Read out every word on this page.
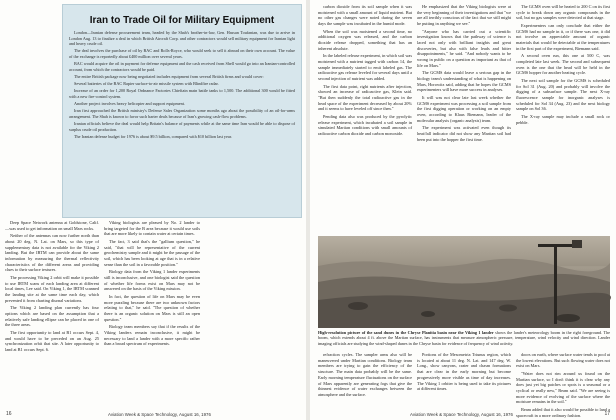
Iran to Trade Oil for Military Equipment

London—Iranian defense procurement team, headed by the Shah's brother-in-law, Gen. Hassan Toufanian, was due to arrive in London Aug. 13 to finalize a deal in which British Aircraft Corp. and other contractors would sell military equipment for Iranian light and heavy crude oil.

The deal involves the purchase of oil by BAC and Rolls-Royce, who would seek to sell it abroad on their own account. The value of the exchange is reportedly about £400 million over several years.

BAC would acquire the oil in payment for defense equipment and the cash received from Shell would go into an Iranian-controlled account, from which the contractors would be paid.

The entire British package now being negotiated includes equipment from several British firms and would cover:

Several batteries of the BAC Rapier surface-to-air missile system with Blindfire radar.

Increase of an order for 1,200 Royal Ordnance Factories Chieftain main battle tanks to 1,500. The additional 300 would be fitted with a new fire-control system.

Another project involves heavy helicopter and support equipment.

Iran first approached the British ministry's Defense Sales Organization some months ago about the possibility of an oil-for-arms arrangement. The Shah is known to favor such barter deals because of Iran's growing cash-flow problems.

Iranian officials believe the deal would help Britain's balance of payments while at the same time Iran would be able to dispose of surplus crude oil production.

The Iranian defense budget for 1976 is about $9.5 billion, compared with $10 billion last year.

Deep Space Network antenna at Goldstone, Calif.—was used to get information on small Mars rocks.

Neither of the antennas can now further north than about 20 deg. N. Lat. on Mars, so this type of supplementary data is not available for the Viking 2 landing. But the IRTM can provide about the same information by measuring the thermal reflectivity characteristics of the different areas and providing clues to their surface textures.

The processing Viking 2 orbit will make it possible to use IRTM scans of each landing area at different local times, Lee said. On Viking 1, the IRTM scanned the landing site at the same time each day, which prevented it from charting diurnal variations.

The Viking 2 landing plan currently has four options which are based on the assumption that a relatively safe landing ellipse can be placed in one of the three areas.

The first opportunity to land at B1 occurs Sept. 4, and would have to be preceded on an Aug. 25 synchronization orbit that site. A later opportunity to land at B1 occurs Sept. 6.

Viking biologists are pleased by No. 2 lander to bring targeted for the B area because it would use soils that are more likely to contain water at certain times.

The fact, 3 said that's the "gallium question," he said, "that will be representative of the current geochemistry sample and it might be the passage of the soil, which has been looking at age that is in a relative sense than the soil in a favorable position."

Biology data from the Viking 1 lander experiments still is inconclusive, and one biologist said the question of whether life forms exist on Mars may not be answered on the basis of the Viking mission.

In fact, the question of life on Mars may be even more puzzling because there are two unknown factors relating to that," he said. "The question of whether there is an organic solution on Mars is still an open question."

Biology team members say that if the results of the Viking landers remain inconclusive, it might be necessary to land a lander with a more specific rather than a broad spectrum of experiments.

16	Aviation Week & Space Technology, August 16, 1976

carbon dioxide from its soil sample when it was moistened with a small amount of liquid nutrient. But no other gas changes were noted during the seven days the sample was incubated in the humid mode.

When the soil was moistened a second time, no additional oxygen was released, and the carbon dioxide release dropped, something that has an inherent absolute.

In the labeled release experiment, in which soil was moistened with a nutrient tagged with carbon 14, the sample immediately started to emit labeled gas. The radioactive gas release leveled for several days until a second injection of nutrient was added.

The first data point, right nutrients after injection, showed an increase of radioactive gas, Klein said. "But then suddenly the total radioactive gas in the head space of the experiment decreased by about 20% and it seems to have leveled off since then."

Pending data also was produced by the pyrolytic release experiment, which incubated a soil sample in simulated Martian conditions with small amounts of radioactive carbon dioxide and carbon monoxide.

He emphasized that the Viking biologists were at the very beginning of their investigations and that "we are all terribly conscious of the fact that we still might be putting in anything we see."

"Anyone who has carried out a scientific investigation knows that the pathway of science is laced not only with brilliant insights and great discoveries, but also with false leads and bitter disappointments," he said. "And nobody wants to be wrong in public on a question as important as that of life on Mars."

The GCMS data would leave a serious gap in the biology team's understanding of what is happening on Mars, Horowitz said, adding that he hopes the GCMS experimenters will have more success in analyses.

It will was not clear late last week whether the GCMS experiment was processing a soil sample from the first digging operation or working on an empty oven, according to Klaus Biemann, leader of the molecular analysis (organic analysis) team.

The experiment was activated even though its heat/fall indicator did not show any Martian soil had been put into the hopper the first time.

The GCMS oven will be heated to 200 C on its first cycle to break down any organic compounds in the soil, but no gas samples were detected at that stage.

Experimenters can only conclude that either the GCMS had no sample in it, or if there was one, it did not involve an appreciable amount of organic materials that would be detectable at the temperatures in the first part of the experiment, Biemann said.

A second oven run, this one at 500 C, was completed late last week. The second and subsequent oven is the one that the head will be held in the GCMS hopper for another heating cycle.

The next soil sample for the GCMS is scheduled for Sol 31 (Aug. 20) and probably will involve the digging of a subsurface sample. The next X-ray fluorescence sample for inorganic analyses is scheduled for Sol 34 (Aug. 23) and the next biology sample on Sol 36.

The X-ray sample may include a small rock or pebble.

High-resolution picture of the sand dunes in the Chryse Planitia basin near the Viking 1 lander shows the lander's meteorology boom in the right foreground. The boom, which extends about 4 ft. above the Martian surface, has instruments that measure atmospheric pressure, temperature, wind velocity and wind direction. Lander imaging officials are studying the wind-shaped dunes in the Chryse basin for evidence of frequency of wind activity.

refraction cycles. The sampler arms also will be maneuvered under Martian conditions. Biology team members are trying to gain the efficiency of the structure. The main data probably will be the same. Early morning temperature fluctuations on the surface of Mars apparently are generating fogs that give the thinnest evidence of water exchanges between the atmosphere and the surface.

Portions of the Mesometria Triunus region, which is located at about 11 deg. N. Lat. and 147 deg. W. Long., show canyons, crater and chasm formations that are clear in the early morning but become progressively more visible as time of day increases. The Viking 1 orbiter is being used to take its pictures at different times.

doors on earth, where surface water tends to pool at the lowest elevations. But such flowing water does not exist on Mars.

"Water does not rim around us found on the Martian surface, so I don't think it is clear why any does just yet big patches or spots is a seasonal or a cyclical or really new," Beam said. "We are seeing is more evidence of evolving of the surface where the moisture remains in the soil."

Beam added that it also would be possible to land a spacecraft in a more ordinary fashion.

Aviation Week & Space Technology, August 16, 1976	17
